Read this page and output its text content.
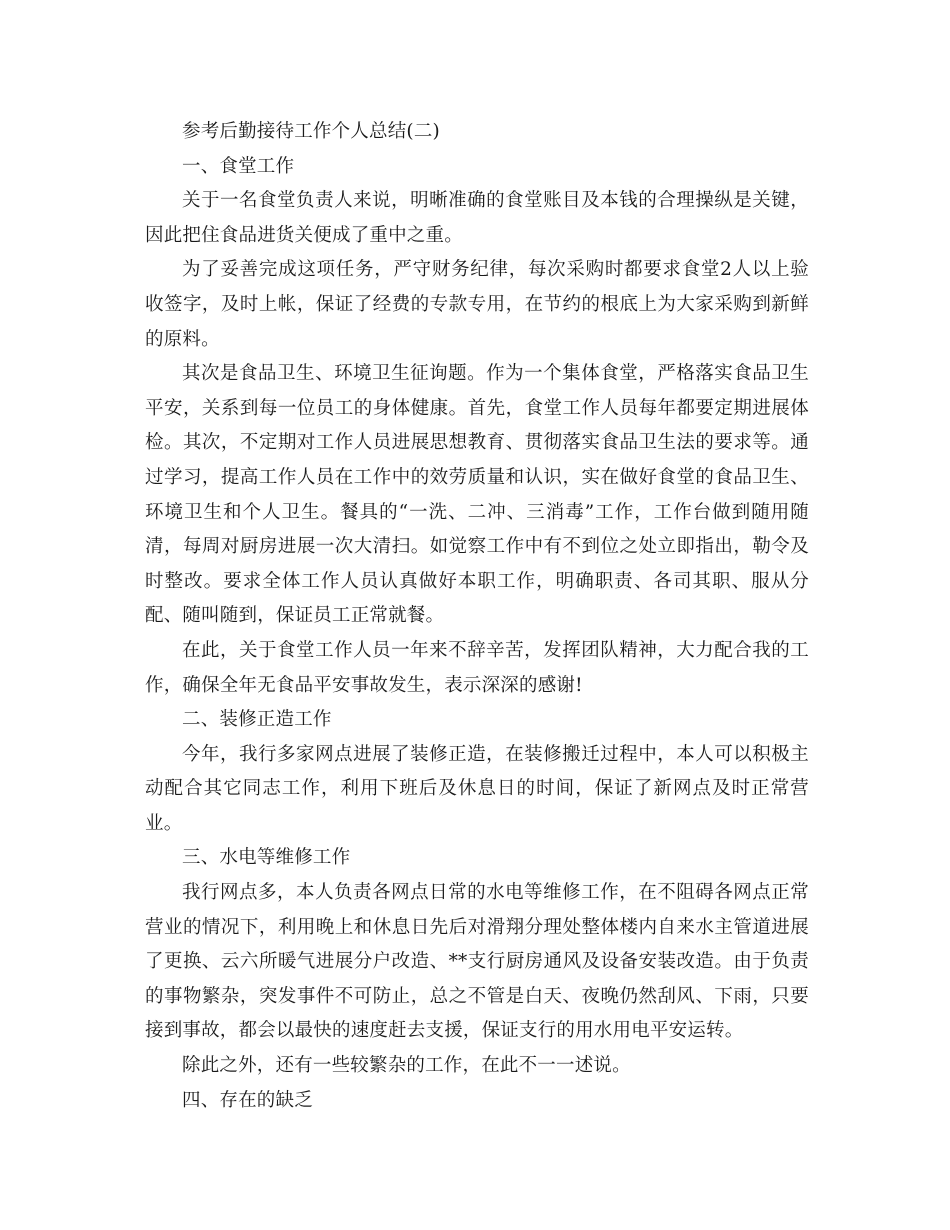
参考后勤接待工作个人总结(二)

一、食堂工作

关于一名食堂负责人来说，明晰准确的食堂账目及本钱的合理操纵是关键，因此把住食品进货关便成了重中之重。

为了妥善完成这项任务，严守财务纪律，每次采购时都要求食堂2人以上验收签字，及时上帐，保证了经费的专款专用，在节约的根底上为大家采购到新鲜的原料。

其次是食品卫生、环境卫生征询题。作为一个集体食堂，严格落实食品卫生平安，关系到每一位员工的身体健康。首先，食堂工作人员每年都要定期进展体检。其次，不定期对工作人员进展思想教育、贯彻落实食品卫生法的要求等。通过学习，提高工作人员在工作中的效劳质量和认识，实在做好食堂的食品卫生、环境卫生和个人卫生。餐具的“一洗、二冲、三消毒”工作，工作台做到随用随清，每周对厨房进展一次大清扫。如觉察工作中有不到位之处立即指出，勒令及时整改。要求全体工作人员认真做好本职工作，明确职责、各司其职、服从分配、随叫随到，保证员工正常就餐。

在此，关于食堂工作人员一年来不辞辛苦，发挥团队精神，大力配合我的工作，确保全年无食品平安事故发生，表示深深的感谢!

二、装修正造工作

今年，我行多家网点进展了装修正造，在装修搬迁过程中，本人可以积极主动配合其它同志工作，利用下班后及休息日的时间，保证了新网点及时正常营业。

三、水电等维修工作

我行网点多，本人负责各网点日常的水电等维修工作，在不阻碍各网点正常营业的情况下，利用晚上和休息日先后对滑翔分理处整体楼内自来水主管道进展了更换、云六所暖气进展分户改造、**支行厨房通风及设备安装改造。由于负责的事物繁杂，突发事件不可防止，总之不管是白天、夜晚仍然刮风、下雨，只要接到事故，都会以最快的速度赶去支援，保证支行的用水用电平安运转。

除此之外，还有一些较繁杂的工作，在此不一一述说。

四、存在的缺乏
